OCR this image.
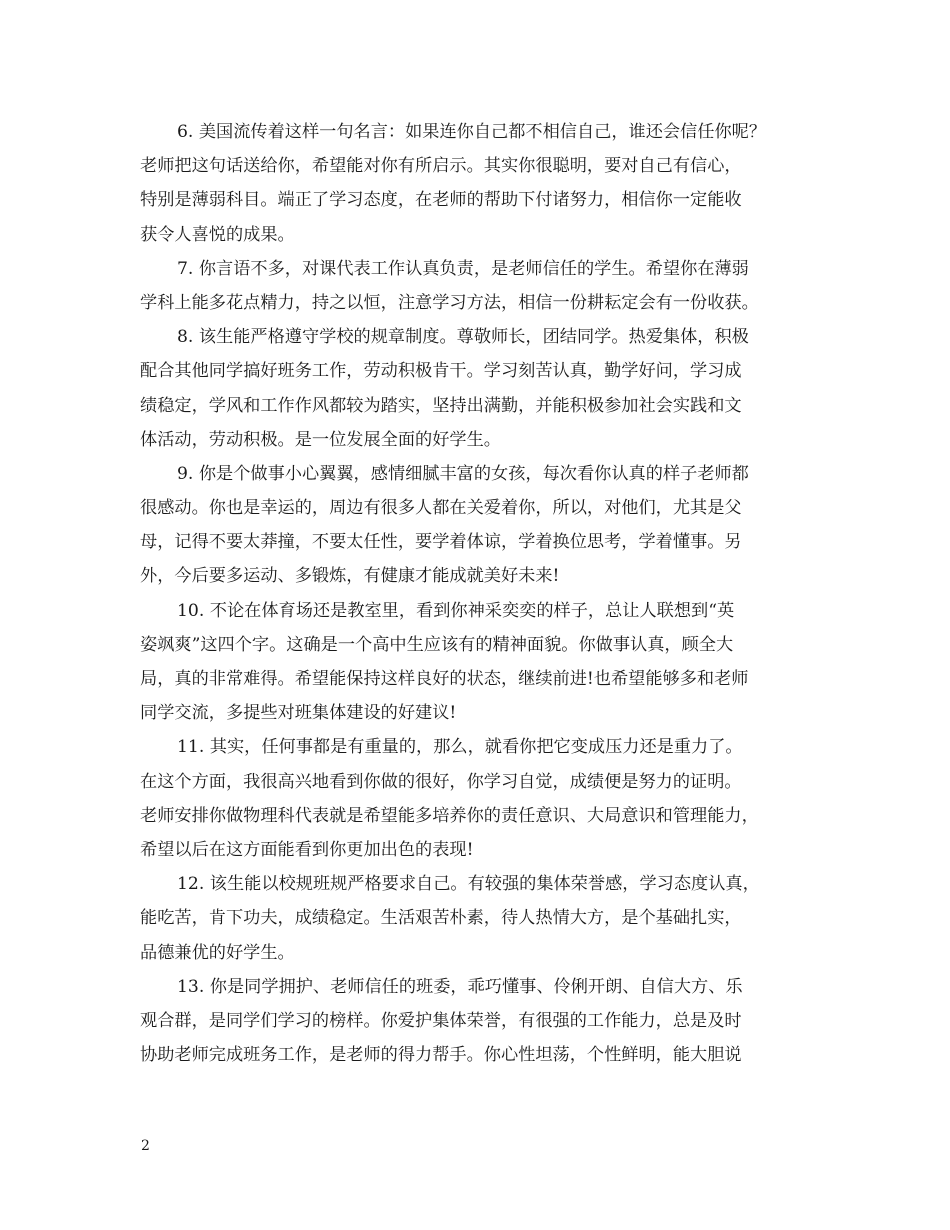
6. 美国流传着这样一句名言：如果连你自己都不相信自己，谁还会信任你呢？
老师把这句话送给你，希望能对你有所启示。其实你很聪明，要对自己有信心，
特别是薄弱科目。端正了学习态度，在老师的帮助下付诸努力，相信你一定能收
获令人喜悦的成果。
7. 你言语不多，对课代表工作认真负责，是老师信任的学生。希望你在薄弱
学科上能多花点精力，持之以恒，注意学习方法，相信一份耕耘定会有一份收获。
8. 该生能严格遵守学校的规章制度。尊敬师长，团结同学。热爱集体，积极
配合其他同学搞好班务工作，劳动积极肯干。学习刻苦认真，勤学好问，学习成
绩稳定，学风和工作作风都较为踏实，坚持出满勤，并能积极参加社会实践和文
体活动，劳动积极。是一位发展全面的好学生。
9. 你是个做事小心翼翼，感情细腻丰富的女孩，每次看你认真的样子老师都
很感动。你也是幸运的，周边有很多人都在关爱着你，所以，对他们，尤其是父
母，记得不要太莽撞，不要太任性，要学着体谅，学着换位思考，学着懂事。另
外，今后要多运动、多锻炼，有健康才能成就美好未来!
10. 不论在体育场还是教室里，看到你神采奕奕的样子，总让人联想到“英
姿飒爽”这四个字。这确是一个高中生应该有的精神面貌。你做事认真，顾全大
局，真的非常难得。希望能保持这样良好的状态，继续前进!也希望能够多和老师
同学交流，多提些对班集体建设的好建议!
11. 其实，任何事都是有重量的，那么，就看你把它变成压力还是重力了。
在这个方面，我很高兴地看到你做的很好，你学习自觉，成绩便是努力的证明。
老师安排你做物理科代表就是希望能多培养你的责任意识、大局意识和管理能力，
希望以后在这方面能看到你更加出色的表现!
12. 该生能以校规班规严格要求自己。有较强的集体荣誉感，学习态度认真，
能吃苦，肯下功夫，成绩稳定。生活艰苦朴素，待人热情大方，是个基础扎实，
品德兼优的好学生。
13. 你是同学拥护、老师信任的班委，乖巧懂事、伶俐开朗、自信大方、乐
观合群，是同学们学习的榜样。你爱护集体荣誉，有很强的工作能力，总是及时
协助老师完成班务工作，是老师的得力帮手。你心性坦荡，个性鲜明，能大胆说
2
